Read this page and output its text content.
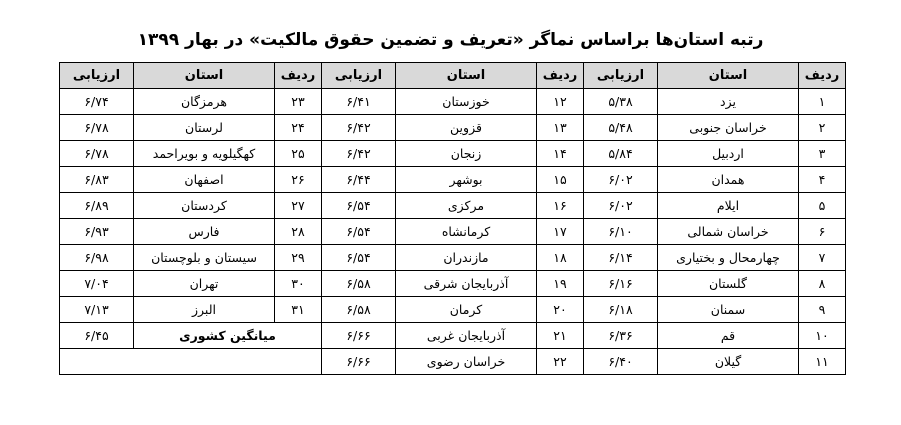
رتبه استان‌ها براساس نماگر «تعریف و تضمین حقوق مالکیت» در بهار ۱۳۹۹
ردیف	استان	ارزیابی	ردیف	استان	ارزیابی	ردیف	استان	ارزیابی
۱	یزد	۵/۳۸	۱۲	خوزستان	۶/۴۱	۲۳	هرمزگان	۶/۷۴
۲	خراسان جنوبی	۵/۴۸	۱۳	قزوین	۶/۴۲	۲۴	لرستان	۶/۷۸
۳	اردبیل	۵/۸۴	۱۴	زنجان	۶/۴۲	۲۵	کهگیلویه و بویراحمد	۶/۷۸
۴	همدان	۶/۰۲	۱۵	بوشهر	۶/۴۴	۲۶	اصفهان	۶/۸۳
۵	ایلام	۶/۰۲	۱۶	مرکزی	۶/۵۴	۲۷	کردستان	۶/۸۹
۶	خراسان شمالی	۶/۱۰	۱۷	کرمانشاه	۶/۵۴	۲۸	فارس	۶/۹۳
۷	چهارمحال و بختیاری	۶/۱۴	۱۸	مازندران	۶/۵۴	۲۹	سیستان و بلوچستان	۶/۹۸
۸	گلستان	۶/۱۶	۱۹	آذربایجان شرقی	۶/۵۸	۳۰	تهران	۷/۰۴
۹	سمنان	۶/۱۸	۲۰	کرمان	۶/۵۸	۳۱	البرز	۷/۱۳
۱۰	قم	۶/۳۶	۲۱	آذربایجان غربی	۶/۶۶	میانگین کشوری		۶/۴۵
۱۱	گیلان	۶/۴۰	۲۲	خراسان رضوی	۶/۶۶			
